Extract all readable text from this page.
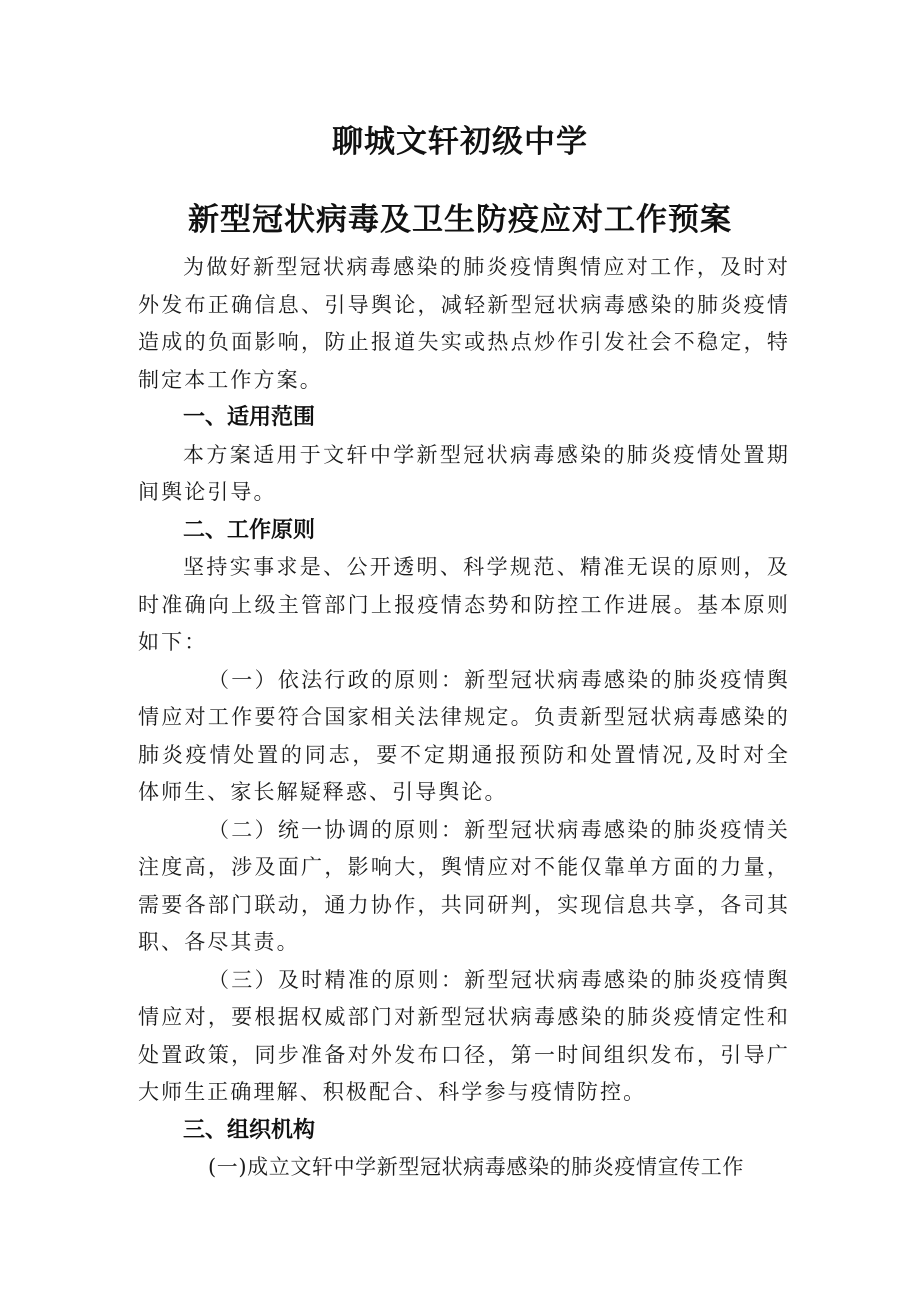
聊城文轩初级中学
新型冠状病毒及卫生防疫应对工作预案

为做好新型冠状病毒感染的肺炎疫情舆情应对工作，及时对外发布正确信息、引导舆论，减轻新型冠状病毒感染的肺炎疫情造成的负面影响，防止报道失实或热点炒作引发社会不稳定，特制定本工作方案。

一、适用范围

本方案适用于文轩中学新型冠状病毒感染的肺炎疫情处置期间舆论引导。

二、工作原则

坚持实事求是、公开透明、科学规范、精准无误的原则，及时准确向上级主管部门上报疫情态势和防控工作进展。基本原则如下：

（一）依法行政的原则：新型冠状病毒感染的肺炎疫情舆情应对工作要符合国家相关法律规定。负责新型冠状病毒感染的肺炎疫情处置的同志，要不定期通报预防和处置情况,及时对全体师生、家长解疑释惑、引导舆论。

（二）统一协调的原则：新型冠状病毒感染的肺炎疫情关注度高，涉及面广，影响大，舆情应对不能仅靠单方面的力量，需要各部门联动，通力协作，共同研判，实现信息共享，各司其职、各尽其责。

（三）及时精准的原则：新型冠状病毒感染的肺炎疫情舆情应对，要根据权威部门对新型冠状病毒感染的肺炎疫情定性和处置政策，同步准备对外发布口径，第一时间组织发布，引导广大师生正确理解、积极配合、科学参与疫情防控。

三、组织机构

(一)成立文轩中学新型冠状病毒感染的肺炎疫情宣传工作
